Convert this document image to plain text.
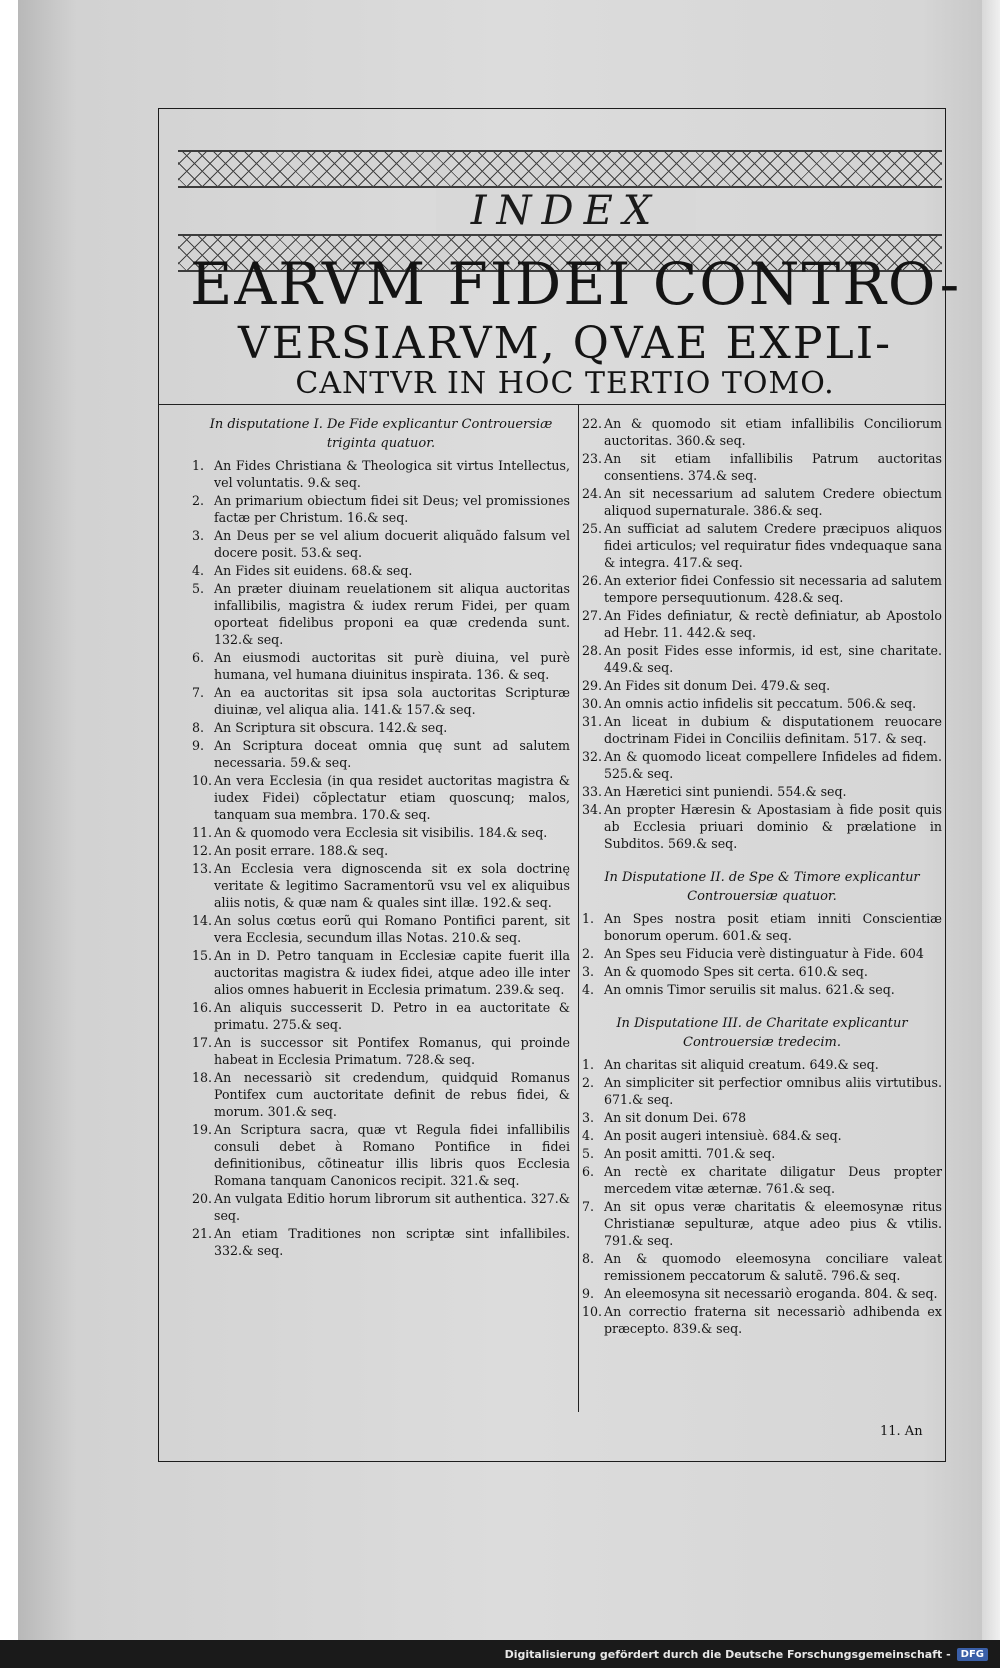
INDEX
EARVM FIDEI CONTRO-
VERSIARVM, QVAE EXPLI-
CANTVR IN HOC TERTIO TOMO.
In disputatione I. De Fide explicantur Controuersiæ triginta quatuor.
1. An Fides Christiana & Theologica sit virtus Intellectus, vel voluntatis. 9.& seq.
2. An primarium obiectum fidei sit Deus; vel promissiones factæ per Christum. 16.& seq.
3. An Deus per se vel alium docuerit aliquãdo falsum vel docere posit. 53.& seq.
4. An Fides sit euidens. 68.& seq.
5. An præter diuinam reuelationem sit aliqua auctoritas infallibilis, magistra & iudex rerum Fidei, per quam oporteat fidelibus proponi ea quæ credenda sunt. 132.& seq.
6. An eiusmodi auctoritas sit purè diuina, vel purè humana, vel humana diuinitus inspirata. 136. & seq.
7. An ea auctoritas sit ipsa sola auctoritas Scripturæ diuinæ, vel aliqua alia. 141.& 157.& seq.
8. An Scriptura sit obscura. 142.& seq.
9. An Scriptura doceat omnia quę sunt ad salutem necessaria. 59.& seq.
10. An vera Ecclesia (in qua residet auctoritas magistra & iudex Fidei) cõplectatur etiam quoscunq; malos, tanquam sua membra. 170.& seq.
11. An & quomodo vera Ecclesia sit visibilis. 184.& seq.
12. An posit errare. 188.& seq.
13. An Ecclesia vera dignoscenda sit ex sola doctrinę veritate & legitimo Sacramentorũ vsu vel ex aliquibus aliis notis, & quæ nam & quales sint illæ. 192.& seq.
14. An solus cœtus eorũ qui Romano Pontifici parent, sit vera Ecclesia, secundum illas Notas. 210.& seq.
15. An in D. Petro tanquam in Ecclesiæ capite fuerit illa auctoritas magistra & iudex fidei, atque adeo ille inter alios omnes habuerit in Ecclesia primatum. 239.& seq.
16. An aliquis successerit D. Petro in ea auctoritate & primatu. 275.& seq.
17. An is successor sit Pontifex Romanus, qui proinde habeat in Ecclesia Primatum. 728.& seq.
18. An necessariò sit credendum, quidquid Romanus Pontifex cum auctoritate definit de rebus fidei, & morum. 301.& seq.
19. An Scriptura sacra, quæ vt Regula fidei infallibilis consuli debet à Romano Pontifice in fidei definitionibus, cõtineatur illis libris quos Ecclesia Romana tanquam Canonicos recipit. 321.& seq.
20. An vulgata Editio horum librorum sit authentica. 327.& seq.
21. An etiam Traditiones non scriptæ sint infallibiles. 332.& seq.
22. An & quomodo sit etiam infallibilis Conciliorum auctoritas. 360.& seq.
23. An sit etiam infallibilis Patrum auctoritas consentiens. 374.& seq.
24. An sit necessarium ad salutem Credere obiectum aliquod supernaturale. 386.& seq.
25. An sufficiat ad salutem Credere præcipuos aliquos fidei articulos; vel requiratur fides vndequaque sana & integra. 417.& seq.
26. An exterior fidei Confessio sit necessaria ad salutem tempore persequutionum. 428.& seq.
27. An Fides definiatur, & rectè definiatur, ab Apostolo ad Hebr. 11. 442.& seq.
28. An posit Fides esse informis, id est, sine charitate. 449.& seq.
29. An Fides sit donum Dei. 479.& seq.
30. An omnis actio infidelis sit peccatum. 506.& seq.
31. An liceat in dubium & disputationem reuocare doctrinam Fidei in Conciliis definitam. 517. & seq.
32. An & quomodo liceat compellere Infideles ad fidem. 525.& seq.
33. An Hæretici sint puniendi. 554.& seq.
34. An propter Hæresin & Apostasiam à fide posit quis ab Ecclesia priuari dominio & prælatione in Subditos. 569.& seq.
In Disputatione II. de Spe & Timore explicantur Controuersiæ quatuor.
1. An Spes nostra posit etiam inniti Conscientiæ bonorum operum. 601.& seq.
2. An Spes seu Fiducia verè distinguatur à Fide. 604
3. An & quomodo Spes sit certa. 610.& seq.
4. An omnis Timor seruilis sit malus. 621.& seq.
In Disputatione III. de Charitate explicantur Controuersiæ tredecim.
1. An charitas sit aliquid creatum. 649.& seq.
2. An simpliciter sit perfectior omnibus aliis virtutibus. 671.& seq.
3. An sit donum Dei. 678
4. An posit augeri intensiuè. 684.& seq.
5. An posit amitti. 701.& seq.
6. An rectè ex charitate diligatur Deus propter mercedem vitæ æternæ. 761.& seq.
7. An sit opus veræ charitatis & eleemosynæ ritus Christianæ sepulturæ, atque adeo pius & vtilis. 791.& seq.
8. An & quomodo eleemosyna conciliare valeat remissionem peccatorum & salutẽ. 796.& seq.
9. An eleemosyna sit necessariò eroganda. 804. & seq.
10. An correctio fraterna sit necessariò adhibenda ex præcepto. 839.& seq.
11. An
Digitalisierung gefördert durch die Deutsche Forschungsgemeinschaft -	DFG
